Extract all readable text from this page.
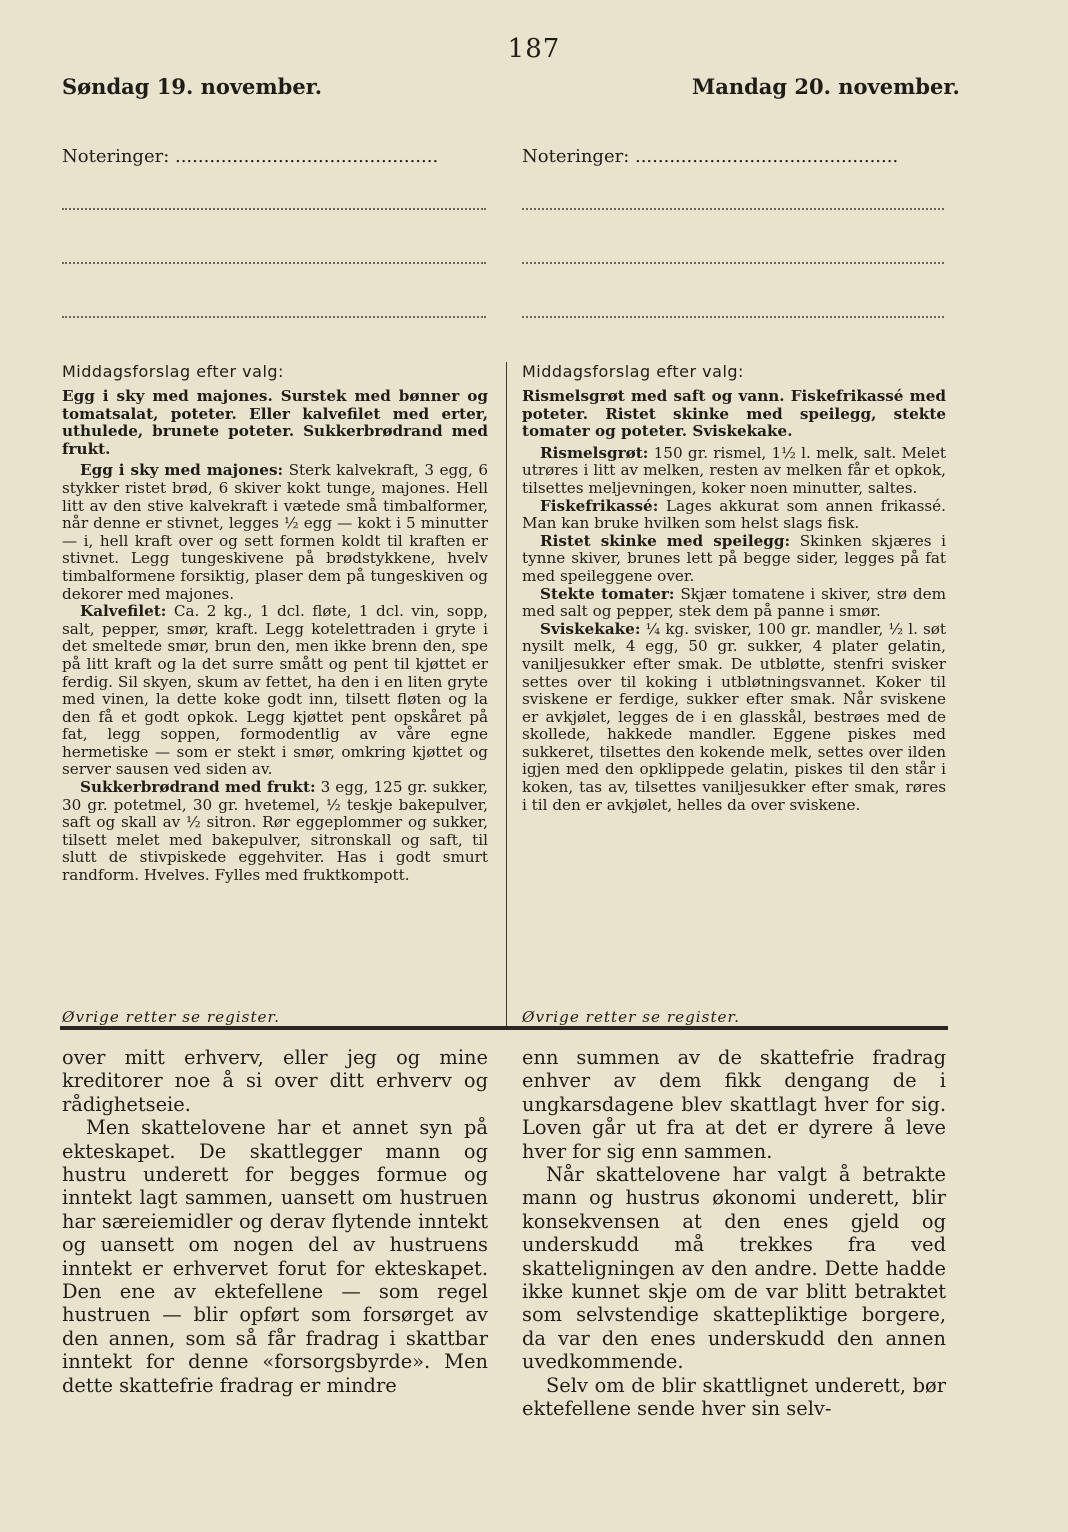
187
Søndag 19. november.	Mandag 20. november.
Noteringer: ..............................................	Noteringer: ..............................................
Middagsforslag efter valg:

Egg i sky med majones. Surstek med bønner og tomatsalat, poteter. Eller kalvefilet med erter, uthulede, brunete poteter. Sukkerbrødrand med frukt.

Egg i sky med majones: Sterk kalvekraft, 3 egg, 6 stykker ristet brød, 6 skiver kokt tunge, majones. Hell litt av den stive kalvekraft i vætede små timbalformer, når denne er stivnet, legges ½ egg — kokt i 5 minutter — i, hell kraft over og sett formen koldt til kraften er stivnet. Legg tungeskivene på brødstykkene, hvelv timbalformene forsiktig, plaser dem på tungeskiven og dekorer med majones.

Kalvefilet: Ca. 2 kg., 1 dcl. fløte, 1 dcl. vin, sopp, salt, pepper, smør, kraft. Legg kotelettraden i gryte i det smeltede smør, brun den, men ikke brenn den, spe på litt kraft og la det surre smått og pent til kjøttet er ferdig. Sil skyen, skum av fettet, ha den i en liten gryte med vinen, la dette koke godt inn, tilsett fløten og la den få et godt opkok. Legg kjøttet pent opskåret på fat, legg soppen, formodentlig av våre egne hermetiske — som er stekt i smør, omkring kjøttet og server sausen ved siden av.

Sukkerbrødrand med frukt: 3 egg, 125 gr. sukker, 30 gr. potetmel, 30 gr. hvetemel, ½ teskje bakepulver, saft og skall av ½ sitron. Rør eggeplommer og sukker, tilsett melet med bakepulver, sitronskall og saft, til slutt de stivpiskede eggehviter. Has i godt smurt randform. Hvelves. Fylles med fruktkompott.

Middagsforslag efter valg:

Rismelsgrøt med saft og vann. Fiskefrikassé med poteter. Ristet skinke med speilegg, stekte tomater og poteter. Sviskekake.

Rismelsgrøt: 150 gr. rismel, 1½ l. melk, salt. Melet utrøres i litt av melken, resten av melken får et opkok, tilsettes meljevningen, koker noen minutter, saltes.

Fiskefrikassé: Lages akkurat som annen frikassé. Man kan bruke hvilken som helst slags fisk.

Ristet skinke med speilegg: Skinken skjæres i tynne skiver, brunes lett på begge sider, legges på fat med speileggene over.

Stekte tomater: Skjær tomatene i skiver, strø dem med salt og pepper, stek dem på panne i smør.

Sviskekake: ¼ kg. svisker, 100 gr. mandler, ½ l. søt nysilt melk, 4 egg, 50 gr. sukker, 4 plater gelatin, vaniljesukker efter smak. De utbløtte, stenfri svisker settes over til koking i utbløtningsvannet. Koker til sviskene er ferdige, sukker efter smak. Når sviskene er avkjølet, legges de i en glasskål, bestrøes med de skollede, hakkede mandler. Eggene piskes med sukkeret, tilsettes den kokende melk, settes over ilden igjen med den opklippede gelatin, piskes til den står i koken, tas av, tilsettes vaniljesukker efter smak, røres i til den er avkjølet, helles da over sviskene.

Øvrige retter se register.	Øvrige retter se register.

over mitt erhverv, eller jeg og mine kreditorer noe å si over ditt erhverv og rådighetseie.

Men skattelovene har et annet syn på ekteskapet. De skattlegger mann og hustru underett for begges formue og inntekt lagt sammen, uansett om hustruen har særeiemidler og derav flytende inntekt og uansett om nogen del av hustruens inntekt er erhvervet forut for ekteskapet. Den ene av ektefellene — som regel hustruen — blir opført som forsørget av den annen, som så får fradrag i skattbar inntekt for denne «forsorgsbyrde». Men dette skattefrie fradrag er mindre

enn summen av de skattefrie fradrag enhver av dem fikk dengang de i ungkarsdagene blev skattlagt hver for sig. Loven går ut fra at det er dyrere å leve hver for sig enn sammen.

Når skattelovene har valgt å betrakte mann og hustrus økonomi underett, blir konsekvensen at den enes gjeld og underskudd må trekkes fra ved skatteligningen av den andre. Dette hadde ikke kunnet skje om de var blitt betraktet som selvstendige skattepliktige borgere, da var den enes underskudd den annen uvedkommende.

Selv om de blir skattlignet underett, bør ektefellene sende hver sin selv-
